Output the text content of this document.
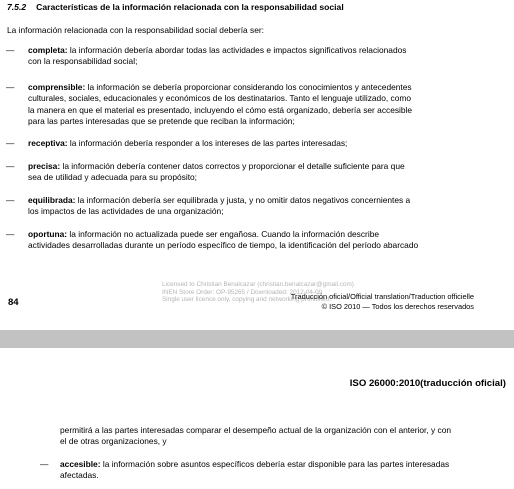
7.5.2 Características de la información relacionada con la responsabilidad social
La información relacionada con la responsabilidad social debería ser:
—	completa: la información debería abordar todas las actividades e impactos significativos relacionados
con la responsabilidad social;
—	comprensible: la información se debería proporcionar considerando los conocimientos y antecedentes
culturales, sociales, educacionales y económicos de los destinatarios. Tanto el lenguaje utilizado, como
la manera en que el material es presentado, incluyendo el cómo está organizado, debería ser accesible
para las partes interesadas que se pretende que reciban la información;
—	receptiva: la información debería responder a los intereses de las partes interesadas;
—	precisa: la información debería contener datos correctos y proporcionar el detalle suficiente para que
sea de utilidad y adecuada para su propósito;
—	equilibrada: la información debería ser equilibrada y justa, y no omitir datos negativos concernientes a
los impactos de las actividades de una organización;
—	oportuna: la información no actualizada puede ser engañosa. Cuando la información describe
actividades desarrolladas durante un período específico de tiempo, la identificación del período abarcado
Licensed to Christian Benalcazar (christian.benalcazar@gmail.com)
INEN Store Order: OP-95265 / Downloaded: 2012-04-09
Single user licence only, copying and networking prohibited.
84
Traducción oficial/Official translation/Traduction officielle
© ISO 2010 — Todos los derechos reservados
ISO 26000:2010(traducción oficial)
permitirá a las partes interesadas comparar el desempeño actual de la organización con el anterior, y con
el de otras organizaciones, y
—	accesible: la información sobre asuntos específicos debería estar disponible para las partes interesadas
afectadas.
